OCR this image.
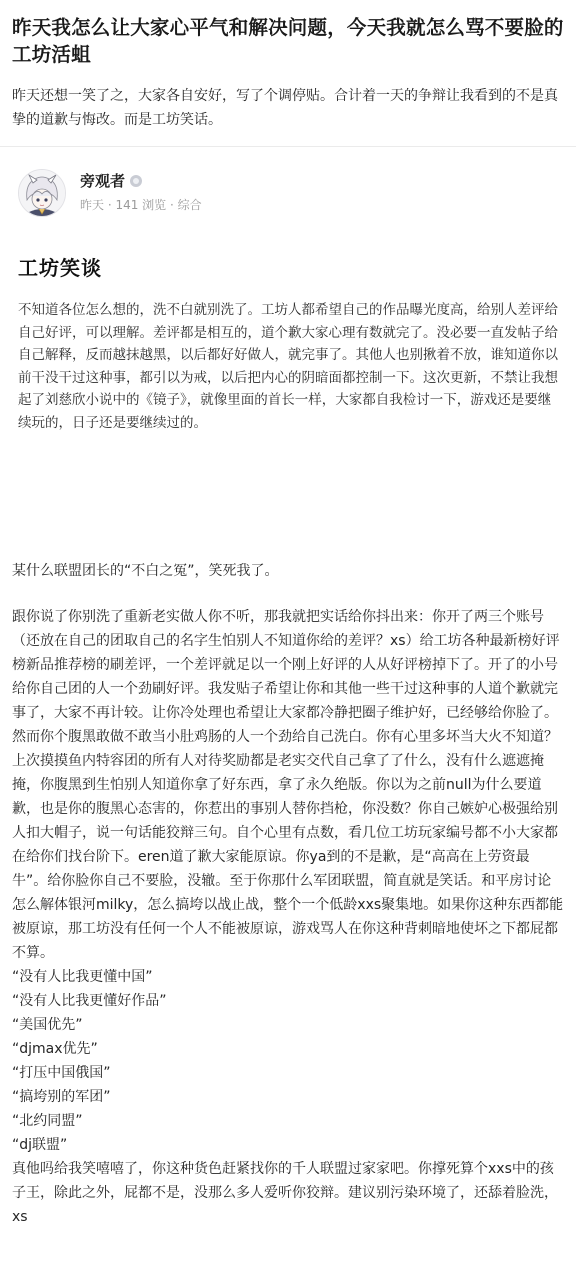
昨天我怎么让大家心平气和解决问题，今天我就怎么骂不要脸的工坊活蛆

昨天还想一笑了之，大家各自安好，写了个调停贴。合计着一天的争辩让我看到的不是真挚的道歉与悔改。而是工坊笑话。

旁观者
昨天 · 141 浏览 · 综合
工坊笑谈
不知道各位怎么想的，洗不白就别洗了。工坊人都希望自己的作品曝光度高，给别人差评给自己好评，可以理解。差评都是相互的，道个歉大家心理有数就完了。没必要一直发帖子给自己解释，反而越抹越黑，以后都好好做人，就完事了。其他人也别揪着不放，谁知道你以前干没干过这种事，都引以为戒，以后把内心的阴暗面都控制一下。这次更新，不禁让我想起了刘慈欣小说中的《镜子》，就像里面的首长一样，大家都自我检讨一下，游戏还是要继续玩的，日子还是要继续过的。

某什么联盟团长的“不白之冤”，笑死我了。

跟你说了你别洗了重新老实做人你不听，那我就把实话给你抖出来：你开了两三个账号（还放在自己的团取自己的名字生怕别人不知道你给的差评？xs）给工坊各种最新榜好评榜新品推荐榜的刷差评，一个差评就足以一个刚上好评的人从好评榜掉下了。开了的小号给你自己团的人一个劲刷好评。我发贴子希望让你和其他一些干过这种事的人道个歉就完事了，大家不再计较。让你冷处理也希望让大家都冷静把圈子维护好，已经够给你脸了。然而你个腹黑敢做不敢当小肚鸡肠的人一个劲给自己洗白。你有心里多坏当大火不知道？上次摸摸鱼内特容团的所有人对待奖励都是老实交代自己拿了了什么，没有什么遮遮掩掩，你腹黑到生怕别人知道你拿了好东西，拿了永久绝版。你以为之前null为什么要道歉，也是你的腹黑心态害的，你惹出的事别人替你挡枪，你没数？你自己嫉妒心极强给别人扣大帽子，说一句话能狡辩三句。自个心里有点数，看几位工坊玩家编号都不小大家都在给你们找台阶下。eren道了歉大家能原谅。你ya到的不是歉，是“高高在上劳资最牛”。给你脸你自己不要脸，没辙。至于你那什么军团联盟，简直就是笑话。和平房讨论怎么解体银河milky，怎么搞垮以战止战，整个一个低龄xxs聚集地。如果你这种东西都能被原谅，那工坊没有任何一个人不能被原谅，游戏骂人在你这种背刺暗地使坏之下都屁都不算。

“没有人比我更懂中国”
“没有人比我更懂好作品”
“美国优先”
“djmax优先”
“打压中国俄国”
“搞垮别的军团”
“北约同盟”
“dj联盟”

真他吗给我笑嘻嘻了，你这种货色赶紧找你的千人联盟过家家吧。你撑死算个xxs中的孩子王，除此之外，屁都不是，没那么多人爱听你狡辩。建议别污染环境了，还舔着脸洗，xs
